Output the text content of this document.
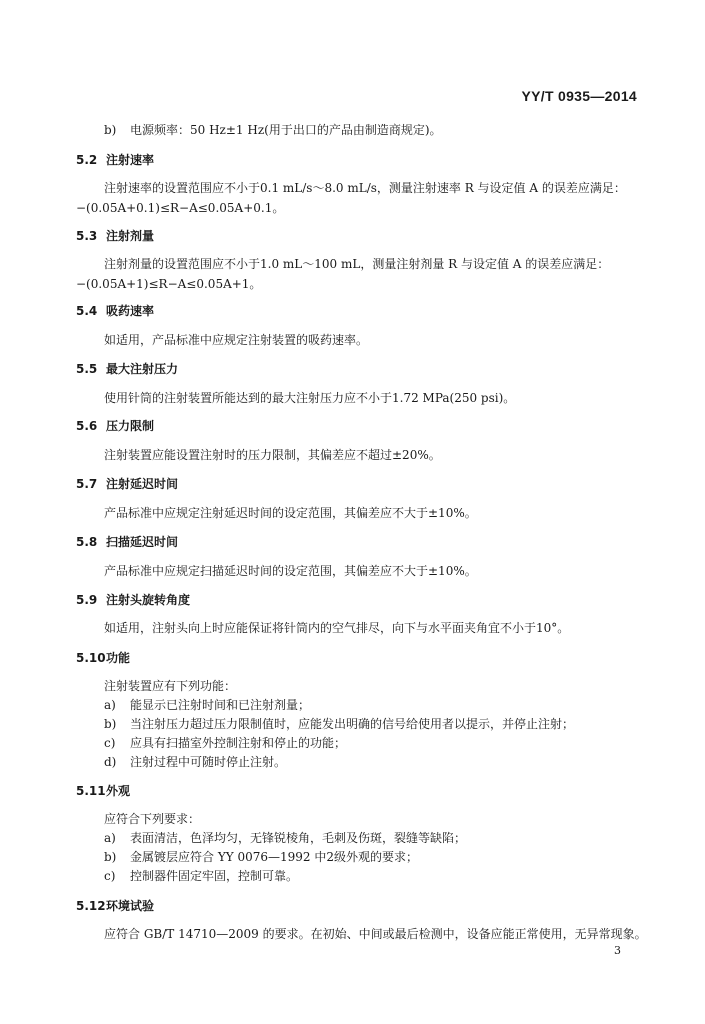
YY/T 0935—2014
b) 电源频率：50 Hz±1 Hz(用于出口的产品由制造商规定)。
5.2 注射速率
注射速率的设置范围应不小于0.1 mL/s～8.0 mL/s，测量注射速率 R 与设定值 A 的误差应满足：
−(0.05A+0.1)≤R−A≤0.05A+0.1。
5.3 注射剂量
注射剂量的设置范围应不小于1.0 mL～100 mL，测量注射剂量 R 与设定值 A 的误差应满足：
−(0.05A+1)≤R−A≤0.05A+1。
5.4 吸药速率
如适用，产品标准中应规定注射装置的吸药速率。
5.5 最大注射压力
使用针筒的注射装置所能达到的最大注射压力应不小于1.72 MPa(250 psi)。
5.6 压力限制
注射装置应能设置注射时的压力限制，其偏差应不超过±20%。
5.7 注射延迟时间
产品标准中应规定注射延迟时间的设定范围，其偏差应不大于±10%。
5.8 扫描延迟时间
产品标准中应规定扫描延迟时间的设定范围，其偏差应不大于±10%。
5.9 注射头旋转角度
如适用，注射头向上时应能保证将针筒内的空气排尽，向下与水平面夹角宜不小于10°。
5.10功能
注射装置应有下列功能：
a) 能显示已注射时间和已注射剂量；
b) 当注射压力超过压力限制值时，应能发出明确的信号给使用者以提示，并停止注射；
c) 应具有扫描室外控制注射和停止的功能；
d) 注射过程中可随时停止注射。
5.11外观
应符合下列要求：
a) 表面清洁，色泽均匀，无锋锐棱角，毛刺及伤斑，裂缝等缺陷；
b) 金属镀层应符合 YY 0076—1992 中2级外观的要求；
c) 控制器件固定牢固，控制可靠。
5.12环境试验
应符合 GB/T 14710—2009 的要求。在初始、中间或最后检测中，设备应能正常使用，无异常现象。
3
